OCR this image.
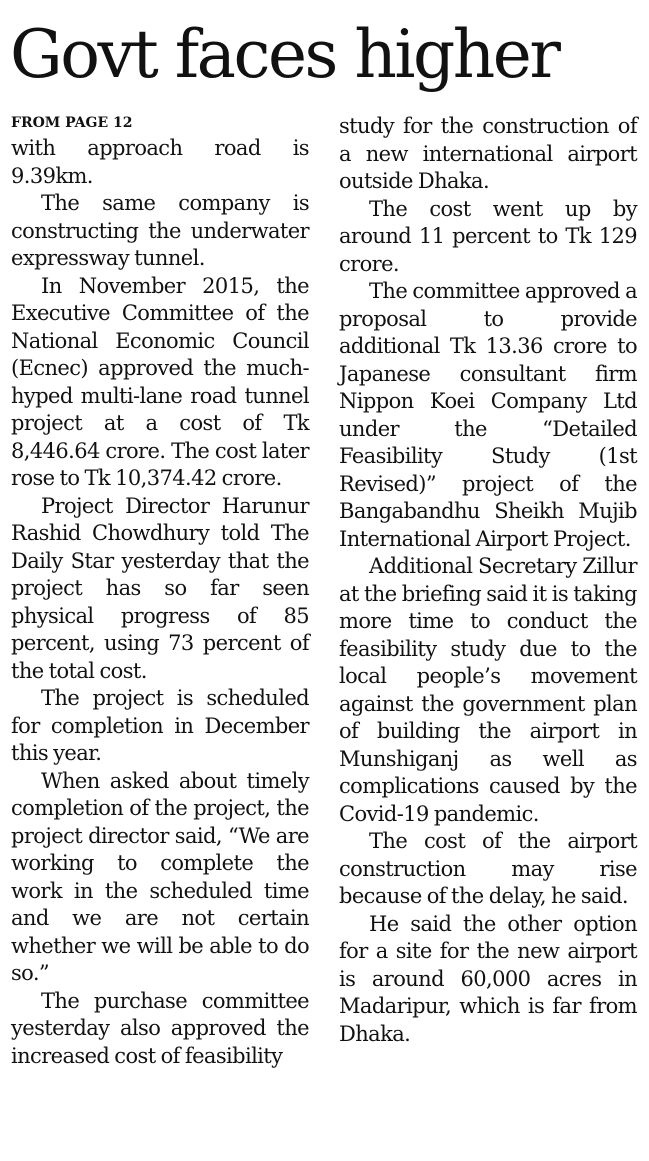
Govt faces higher
FROM PAGE 12

with approach road is 9.39km.

The same company is constructing the underwater expressway tunnel.

In November 2015, the Executive Committee of the National Economic Council (Ecnec) approved the much-hyped multi-lane road tunnel project at a cost of Tk 8,446.64 crore. The cost later rose to Tk 10,374.42 crore.

Project Director Harunur Rashid Chowdhury told The Daily Star yesterday that the project has so far seen physical progress of 85 percent, using 73 percent of the total cost.

The project is scheduled for completion in December this year.

When asked about timely completion of the project, the project director said, “We are working to complete the work in the scheduled time and we are not certain whether we will be able to do so.”

The purchase committee yesterday also approved the increased cost of feasibility

study for the construction of a new international airport outside Dhaka.

The cost went up by around 11 percent to Tk 129 crore.

The committee approved a proposal to provide additional Tk 13.36 crore to Japanese consultant firm Nippon Koei Company Ltd under the “Detailed Feasibility Study (1st Revised)” project of the Bangabandhu Sheikh Mujib International Airport Project.

Additional Secretary Zillur at the briefing said it is taking more time to conduct the feasibility study due to the local people’s movement against the government plan of building the airport in Munshiganj as well as complications caused by the Covid-19 pandemic.

The cost of the airport construction may rise because of the delay, he said.

He said the other option for a site for the new airport is around 60,000 acres in Madaripur, which is far from Dhaka.
